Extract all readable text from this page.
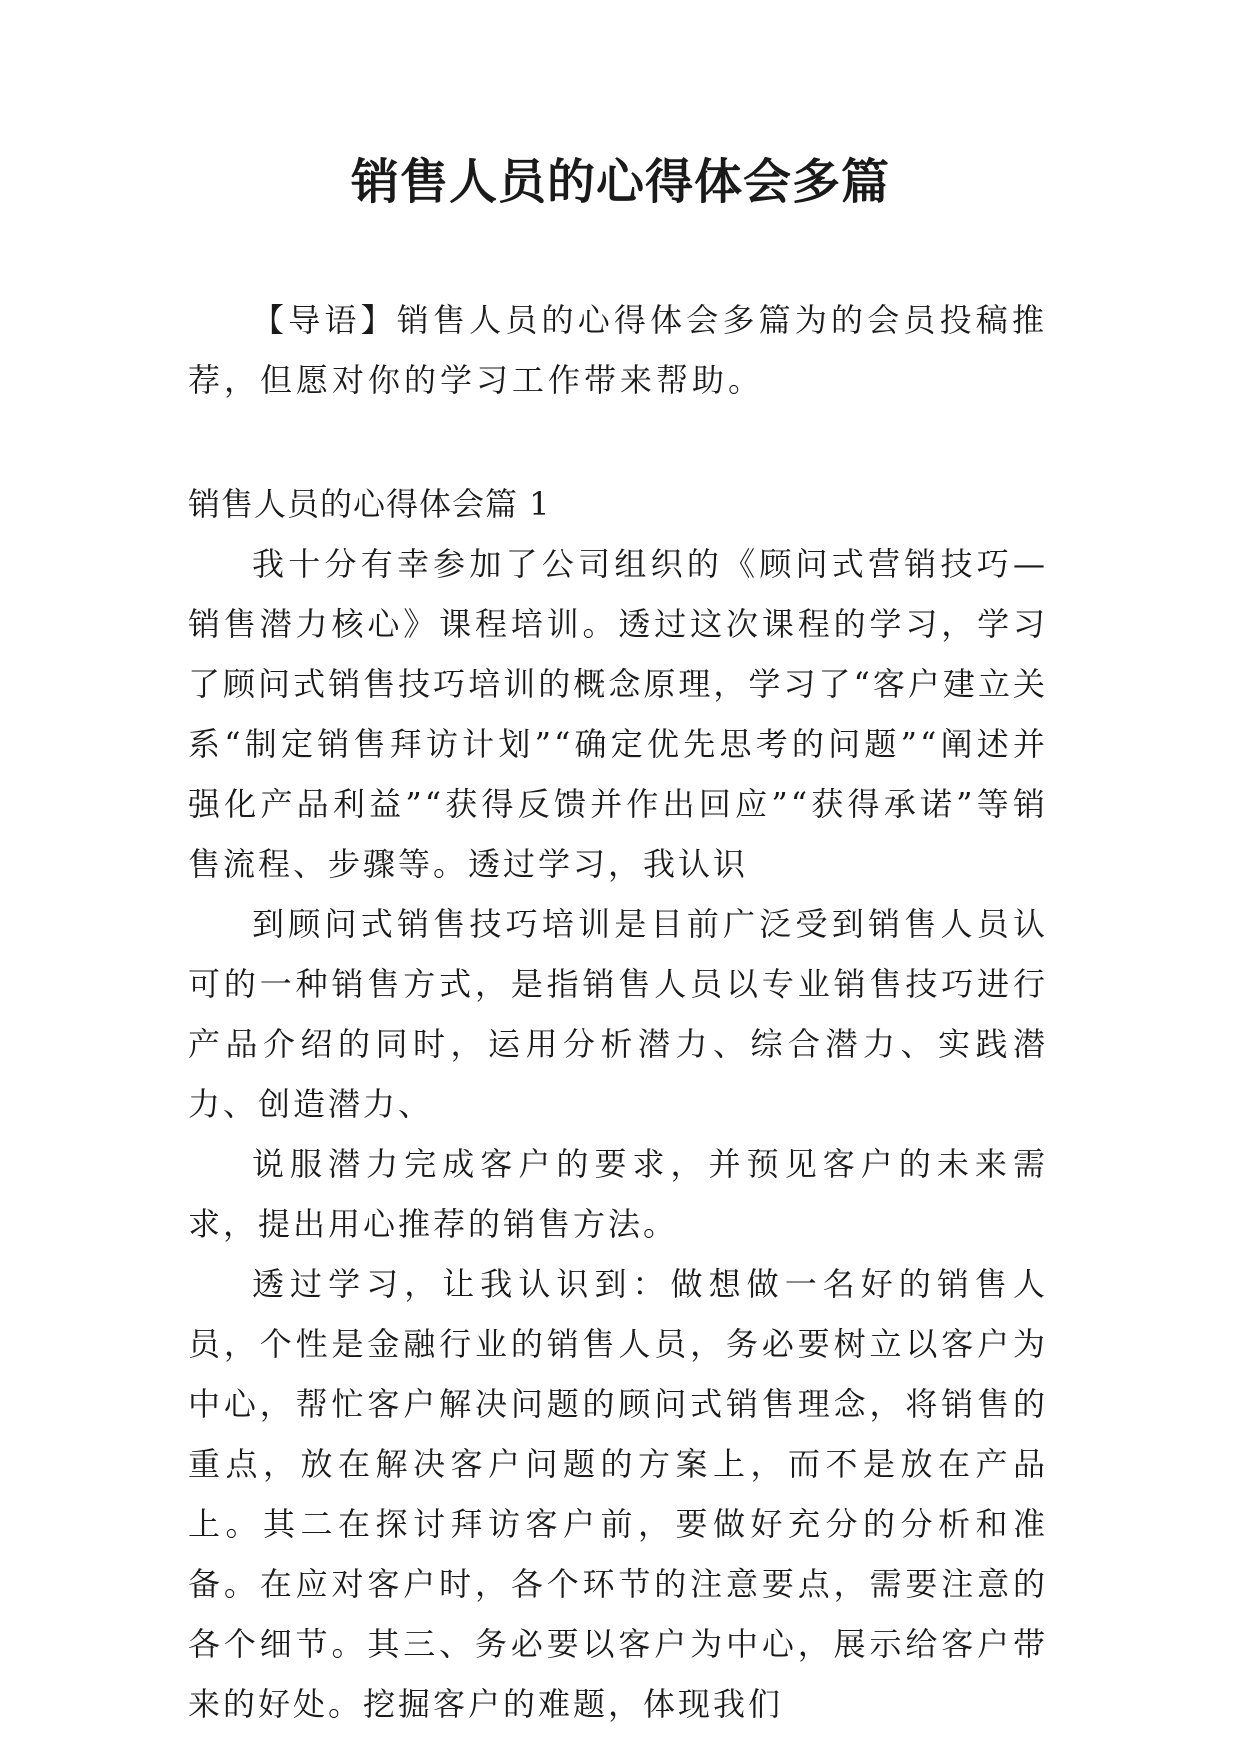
销售人员的心得体会多篇

【导语】销售人员的心得体会多篇为的会员投稿推荐，但愿对你的学习工作带来帮助。

销售人员的心得体会篇 1

我十分有幸参加了公司组织的《顾问式营销技巧—销售潜力核心》课程培训。透过这次课程的学习，学习了顾问式销售技巧培训的概念原理，学习了“客户建立关系“制定销售拜访计划”“确定优先思考的问题”“阐述并强化产品利益”“获得反馈并作出回应”“获得承诺”等销售流程、步骤等。透过学习，我认识

到顾问式销售技巧培训是目前广泛受到销售人员认可的一种销售方式，是指销售人员以专业销售技巧进行产品介绍的同时，运用分析潜力、综合潜力、实践潜力、创造潜力、

说服潜力完成客户的要求，并预见客户的未来需求，提出用心推荐的销售方法。

透过学习，让我认识到：做想做一名好的销售人员，个性是金融行业的销售人员，务必要树立以客户为中心，帮忙客户解决问题的顾问式销售理念，将销售的重点，放在解决客户问题的方案上，而不是放在产品上。其二在探讨拜访客户前，要做好充分的分析和准备。在应对客户时，各个环节的注意要点，需要注意的各个细节。其三、务必要以客户为中心，展示给客户带来的好处。挖掘客户的难题，体现我们
